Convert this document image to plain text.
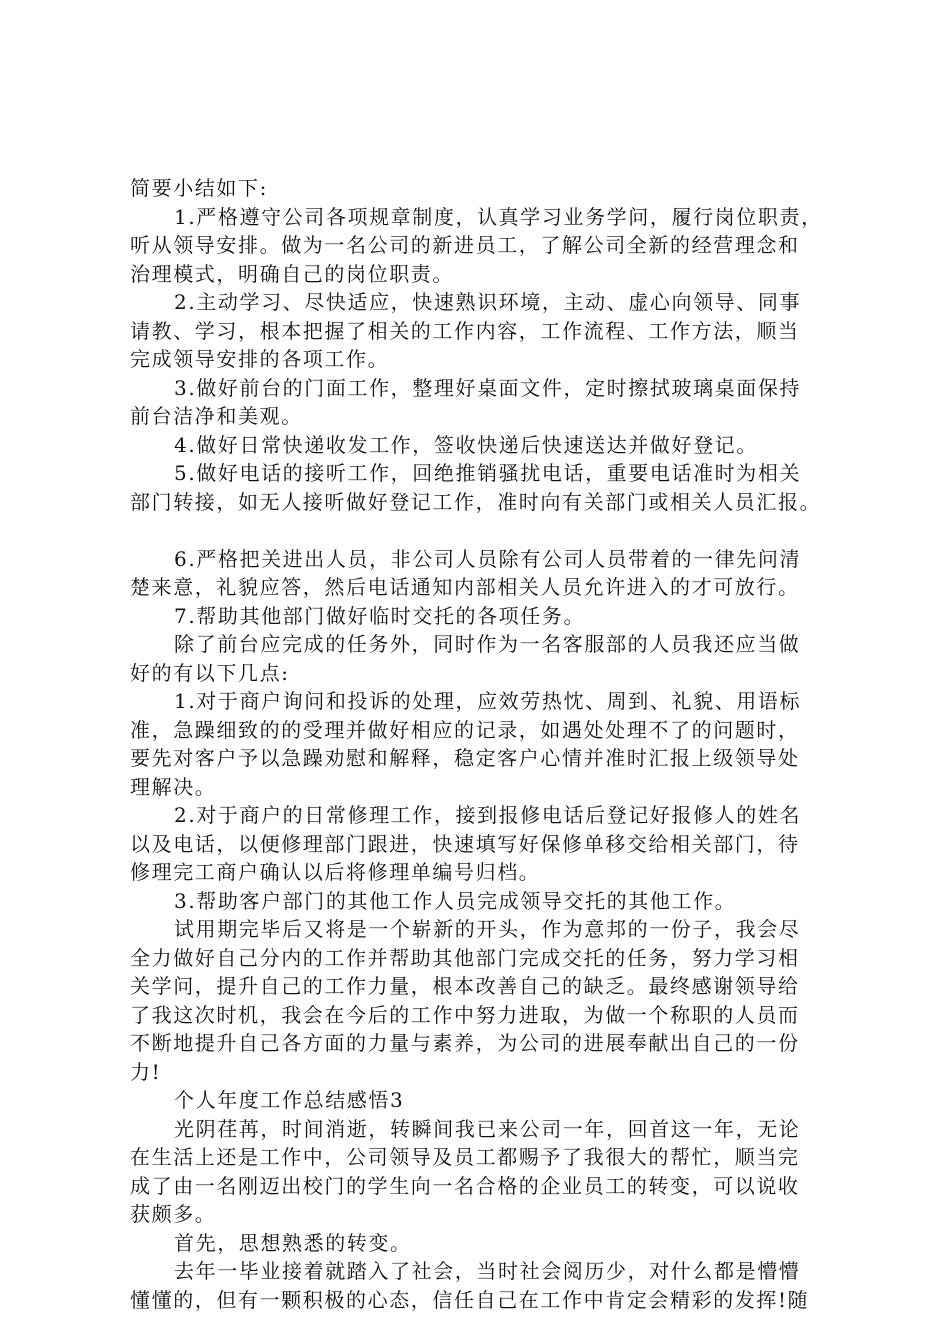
简要小结如下:
1.严格遵守公司各项规章制度，认真学习业务学问，履行岗位职责，
听从领导安排。做为一名公司的新进员工，了解公司全新的经营理念和
治理模式，明确自己的岗位职责。
2.主动学习、尽快适应，快速熟识环境，主动、虚心向领导、同事
请教、学习，根本把握了相关的工作内容，工作流程、工作方法，顺当
完成领导安排的各项工作。
3.做好前台的门面工作，整理好桌面文件，定时擦拭玻璃桌面保持
前台洁净和美观。
4.做好日常快递收发工作，签收快递后快速送达并做好登记。
5.做好电话的接听工作，回绝推销骚扰电话，重要电话准时为相关
部门转接，如无人接听做好登记工作，准时向有关部门或相关人员汇报。
6.严格把关进出人员，非公司人员除有公司人员带着的一律先问清
楚来意，礼貌应答，然后电话通知内部相关人员允许进入的才可放行。
7.帮助其他部门做好临时交托的各项任务。
除了前台应完成的任务外，同时作为一名客服部的人员我还应当做
好的有以下几点:
1.对于商户询问和投诉的处理，应效劳热忱、周到、礼貌、用语标
准，急躁细致的的受理并做好相应的记录，如遇处处理不了的问题时，
要先对客户予以急躁劝慰和解释，稳定客户心情并准时汇报上级领导处
理解决。
2.对于商户的日常修理工作，接到报修电话后登记好报修人的姓名
以及电话，以便修理部门跟进，快速填写好保修单移交给相关部门，待
修理完工商户确认以后将修理单编号归档。
3.帮助客户部门的其他工作人员完成领导交托的其他工作。
试用期完毕后又将是一个崭新的开头，作为意邦的一份子，我会尽
全力做好自己分内的工作并帮助其他部门完成交托的任务，努力学习相
关学问，提升自己的工作力量，根本改善自己的缺乏。最终感谢领导给
了我这次时机，我会在今后的工作中努力进取，为做一个称职的人员而
不断地提升自己各方面的力量与素养，为公司的进展奉献出自己的一份
力!
个人年度工作总结感悟3
光阴荏苒，时间消逝，转瞬间我已来公司一年，回首这一年，无论
在生活上还是工作中，公司领导及员工都赐予了我很大的帮忙，顺当完
成了由一名刚迈出校门的学生向一名合格的企业员工的转变，可以说收
获颇多。
首先，思想熟悉的转变。
去年一毕业接着就踏入了社会，当时社会阅历少，对什么都是懵懵
懂懂的，但有一颗积极的心态，信任自己在工作中肯定会精彩的发挥!随
